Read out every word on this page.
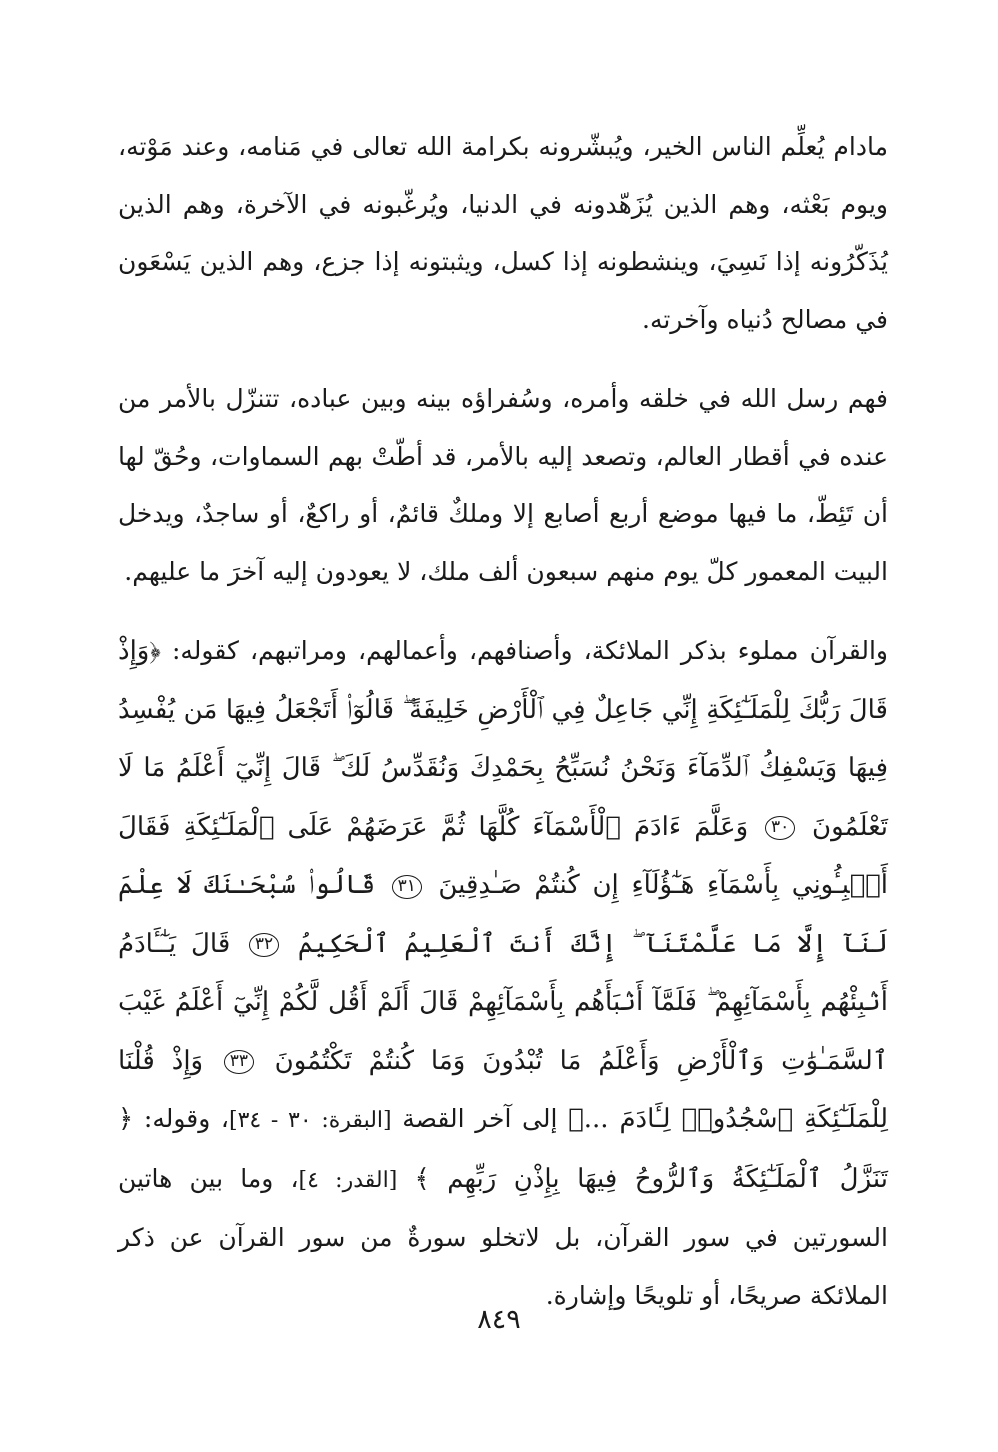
مادام يُعلِّم الناس الخير، ويُبشّرونه بكرامة الله تعالى في مَنامه، وعند مَوْته، ويوم بَعْثه، وهم الذين يُزَهّدونه في الدنيا، ويُرغّبونه في الآخرة، وهم الذين يُذَكّرُونه إذا نَسِيَ، وينشطونه إذا كسل، ويثبتونه إذا جزع، وهم الذين يَسْعَون في مصالح دُنياه وآخرته.

فهم رسل الله في خلقه وأمره، وسُفراؤه بينه وبين عباده، تتنزّل بالأمر من عنده في أقطار العالم، وتصعد إليه بالأمر، قد أطّتْ بهم السماوات، وحُقّ لها أن تَئِطّ، ما فيها موضع أربع أصابع إلا وملكٌ قائمٌ، أو راكعٌ، أو ساجدٌ، ويدخل البيت المعمور كلّ يوم منهم سبعون ألف ملك، لا يعودون إليه آخرَ ما عليهم.

والقرآن مملوء بذكر الملائكة، وأصنافهم، وأعمالهم، ومراتبهم، كقوله: ﴿وَإِذْ قَالَ رَبُّكَ لِلْمَلَـٰٓئِكَةِ إِنِّي جَاعِلٌ فِي ٱلْأَرْضِ خَلِيفَةً ۖ قَالُوٓا۟ أَتَجْعَلُ فِيهَا مَن يُفْسِدُ فِيهَا وَيَسْفِكُ ٱلدِّمَآءَ وَنَحْنُ نُسَبِّحُ بِحَمْدِكَ وَنُقَدِّسُ لَكَ ۖ قَالَ إِنِّيٓ أَعْلَمُ مَا لَا تَعْلَمُونَ ٣٠ وَعَلَّمَ ءَادَمَ ٱلْأَسْمَآءَ كُلَّهَا ثُمَّ عَرَضَهُمْ عَلَى ٱلْمَلَـٰٓئِكَةِ فَقَالَ أَنۢبِـُٔونِي بِأَسْمَآءِ هَـٰٓؤُلَآءِ إِن كُنتُمْ صَـٰدِقِينَ ٣١ قَالُوا۟ سُبْحَـٰنَكَ لَا عِلْمَ لَنَآ إِلَّا مَا عَلَّمْتَنَآ ۖ إِنَّكَ أَنتَ ٱلْعَلِيمُ ٱلْحَكِيمُ ٣٢ قَالَ يَـٰٓـَٔادَمُ أَنۢبِئْهُم بِأَسْمَآئِهِمْ ۖ فَلَمَّآ أَنۢبَأَهُم بِأَسْمَآئِهِمْ قَالَ أَلَمْ أَقُل لَّكُمْ إِنِّيٓ أَعْلَمُ غَيْبَ ٱلسَّمَـٰوَٰتِ وَٱلْأَرْضِ وَأَعْلَمُ مَا تُبْدُونَ وَمَا كُنتُمْ تَكْتُمُونَ ٣٣ وَإِذْ قُلْنَا لِلْمَلَـٰٓئِكَةِ ٱسْجُدُوا۟ لِـَٔادَمَ ...﴾ إلى آخر القصة [البقرة: ٣٠ - ٣٤]، وقوله: ﴿ تَنَزَّلُ ٱلْمَلَـٰٓئِكَةُ وَٱلرُّوحُ فِيهَا بِإِذْنِ رَبِّهِم ﴾ [القدر: ٤]، وما بين هاتين السورتين في سور القرآن، بل لاتخلو سورةٌ من سور القرآن عن ذكر الملائكة صريحًا، أو تلويحًا وإشارة.

٨٤٩
